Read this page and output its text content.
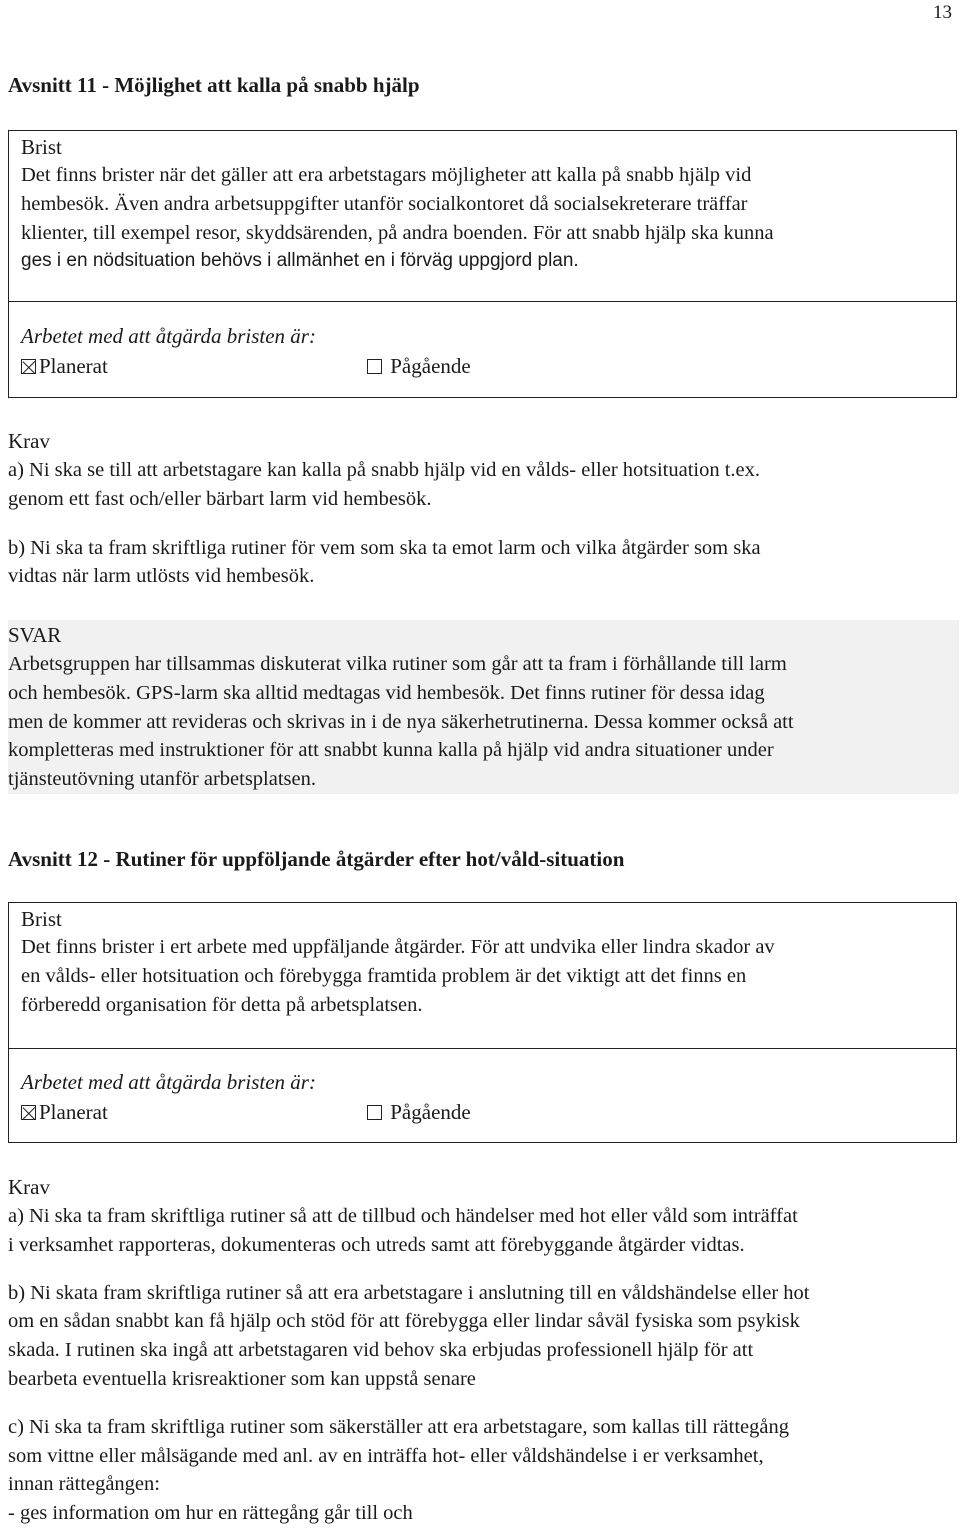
13
Avsnitt 11 - Möjlighet att kalla på snabb hjälp
Brist

Det finns brister när det gäller att era arbetstagars möjligheter att kalla på snabb hjälp vid

hembesök. Även andra arbetsuppgifter utanför socialkontoret då socialsekreterare träffar

klienter, till exempel resor, skyddsärenden, på andra boenden. För att snabb hjälp ska kunna

ges i en nödsituation behövs i allmänhet en i förväg uppgjord plan.

Arbetet med att åtgärda bristen är:
Planerat	Pågående
Krav

a) Ni ska se till att arbetstagare kan kalla på snabb hjälp vid en vålds- eller hotsituation t.ex.

genom ett fast och/eller bärbart larm vid hembesök.

b) Ni ska ta fram skriftliga rutiner för vem som ska ta emot larm och vilka åtgärder som ska

vidtas när larm utlösts vid hembesök.

SVAR

Arbetsgruppen har tillsammas diskuterat vilka rutiner som går att ta fram i förhållande till larm

och hembesök. GPS-larm ska alltid medtagas vid hembesök. Det finns rutiner för dessa idag

men de kommer att revideras och skrivas in i de nya säkerhetrutinerna. Dessa kommer också att

kompletteras med instruktioner för att snabbt kunna kalla på hjälp vid andra situationer under

tjänsteutövning utanför arbetsplatsen.

Avsnitt 12 - Rutiner för uppföljande åtgärder efter hot/våld-situation
Brist

Det finns brister i ert arbete med uppfäljande åtgärder. För att undvika eller lindra skador av

en vålds- eller hotsituation och förebygga framtida problem är det viktigt att det finns en

förberedd organisation för detta på arbetsplatsen.

Arbetet med att åtgärda bristen är:
Planerat	Pågående
Krav

a) Ni ska ta fram skriftliga rutiner så att de tillbud och händelser med hot eller våld som inträffat

i verksamhet rapporteras, dokumenteras och utreds samt att förebyggande åtgärder vidtas.

b) Ni skata fram skriftliga rutiner så att era arbetstagare i anslutning till en våldshändelse eller hot

om en sådan snabbt kan få hjälp och stöd för att förebygga eller lindar såväl fysiska som psykisk

skada. I rutinen ska ingå att arbetstagaren vid behov ska erbjudas professionell hjälp för att

bearbeta eventuella krisreaktioner som kan uppstå senare

c) Ni ska ta fram skriftliga rutiner som säkerställer att era arbetstagare, som kallas till rättegång

som vittne eller målsägande med anl. av en inträffa hot- eller våldshändelse i er verksamhet,

innan rättegången:

- ges information om hur en rättegång går till och
